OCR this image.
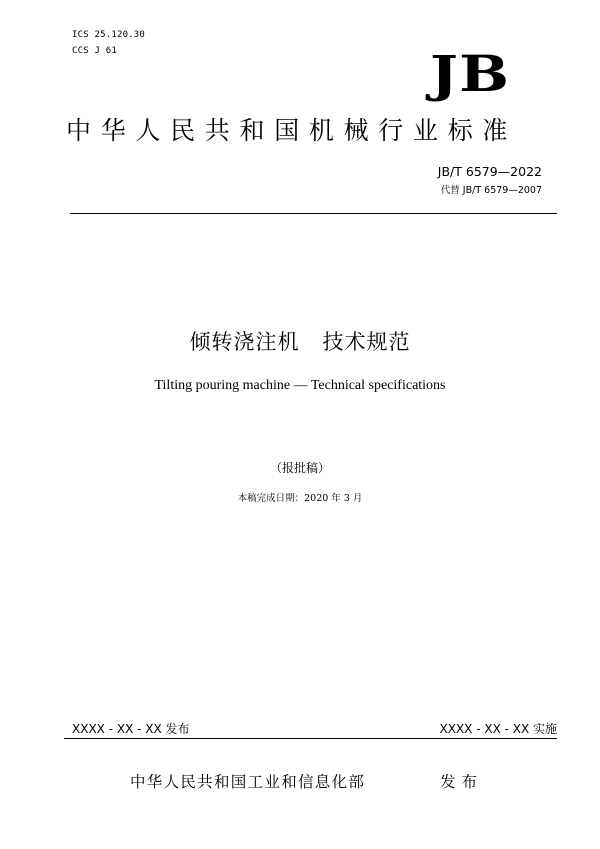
ICS 25.120.30
CCS J 61	JB
中华人民共和国机械行业标准
JB/T 6579—2022
代替 JB/T 6579—2007
倾转浇注机   技术规范
Tilting pouring machine — Technical specifications
（报批稿）
本稿完成日期：2020 年 3 月
XXXX - XX - XX 发布	XXXX - XX - XX 实施
中华人民共和国工业和信息化部	发布
